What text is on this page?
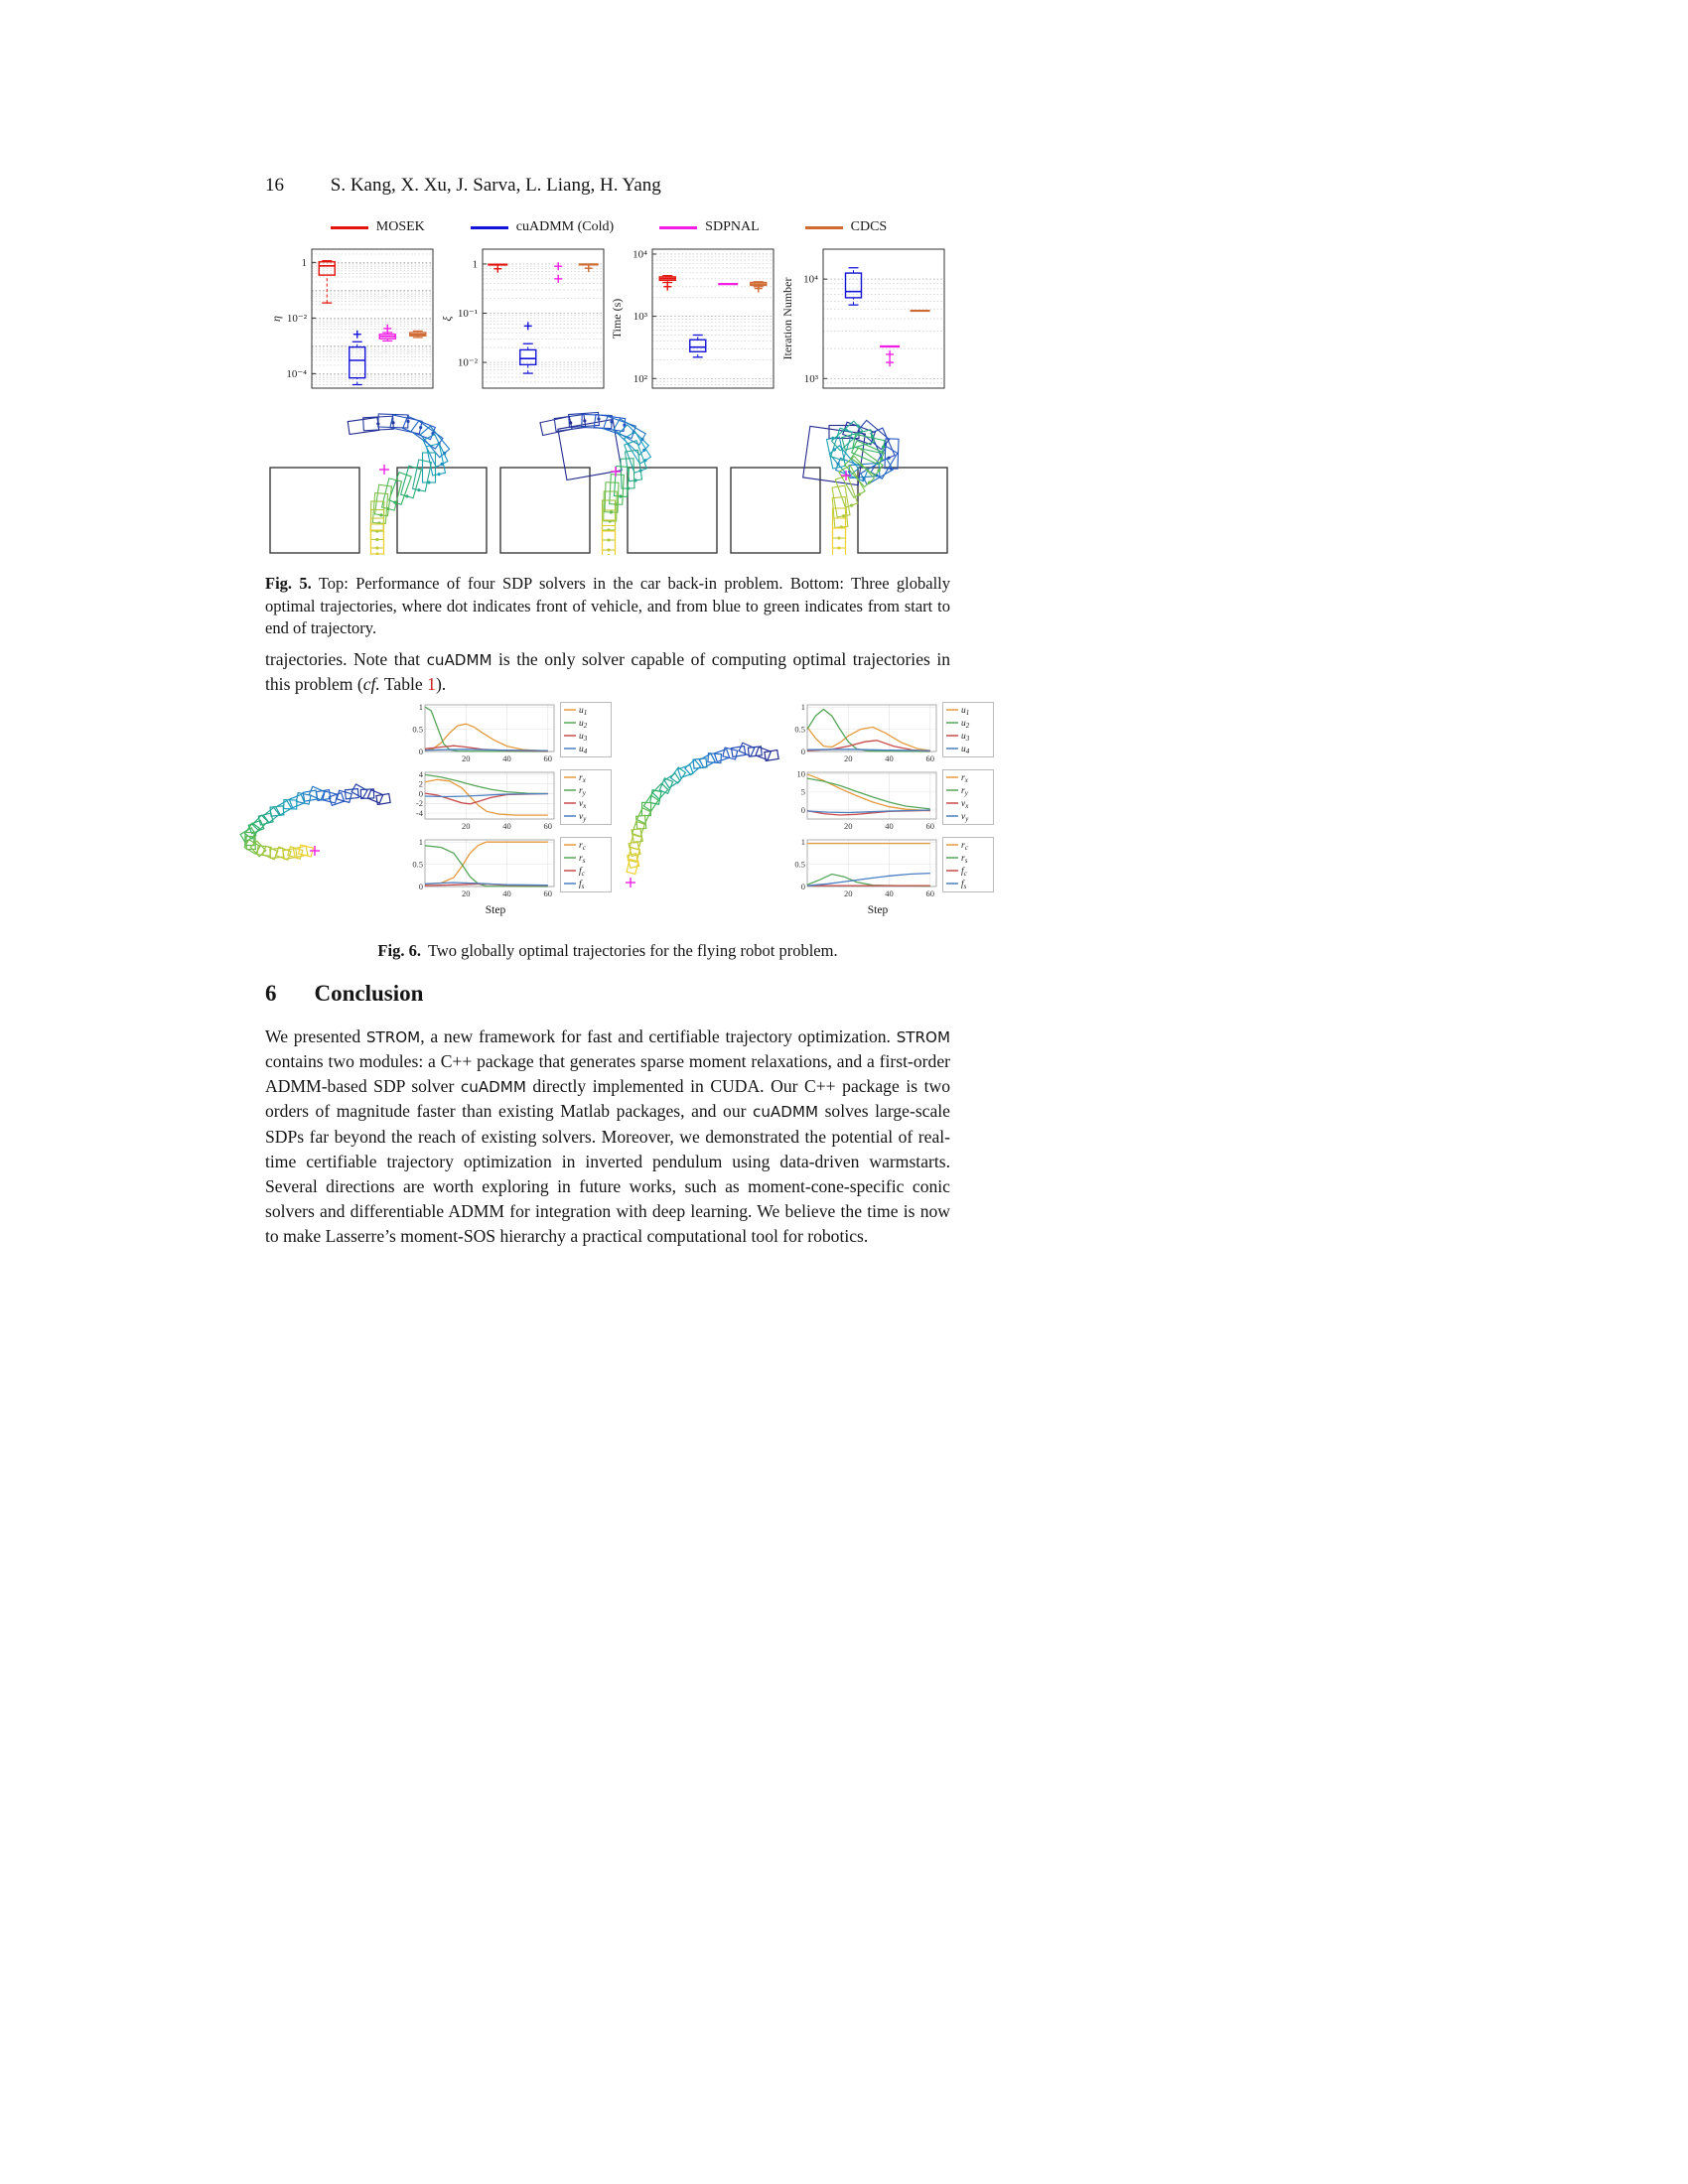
16 S. Kang, X. Xu, J. Sarva, L. Liang, H. Yang
MOSEK	cuADMM (Cold)	SDPNAL	CDCS
1
10⁻²
10⁻⁴
η
1
10⁻¹
10⁻²
ξ
10⁴
10³
10²
Time (s)
10⁴
10³
Iteration Number

Fig. 5. Top: Performance of four SDP solvers in the car back-in problem. Bottom: Three globally optimal trajectories, where dot indicates front of vehicle, and from blue to green indicates from start to end of trajectory.

trajectories. Note that cuADMM is the only solver capable of computing optimal trajectories in this problem (cf. Table 1).

20	40	60
0
0.5
1	$u_1$
$u_2$
$u_3$
$u_4$
20	40	60
-4
-2
0
2
4	$r_x$
$r_y$
$v_x$
$v_y$
20	40	60
0
0.5
1	$r_c$
$r_s$
$f_c$
$f_s$
Step
20	40	60
0
0.5
1	$u_1$
$u_2$
$u_3$
$u_4$
20	40	60
0
5
10	$r_x$
$r_y$
$v_x$
$v_y$
20	40	60
0
0.5
1	$r_c$
$r_s$
$f_c$
$f_s$
Step

Fig. 6. Two globally optimal trajectories for the flying robot problem.

6 Conclusion

We presented STROM, a new framework for fast and certifiable trajectory optimization. STROM contains two modules: a C++ package that generates sparse moment relaxations, and a first-order ADMM-based SDP solver cuADMM directly implemented in CUDA. Our C++ package is two orders of magnitude faster than existing Matlab packages, and our cuADMM solves large-scale SDPs far beyond the reach of existing solvers. Moreover, we demonstrated the potential of real-time certifiable trajectory optimization in inverted pendulum using data-driven warmstarts. Several directions are worth exploring in future works, such as moment-cone-specific conic solvers and differentiable ADMM for integration with deep learning. We believe the time is now to make Lasserre’s moment-SOS hierarchy a practical computational tool for robotics.
